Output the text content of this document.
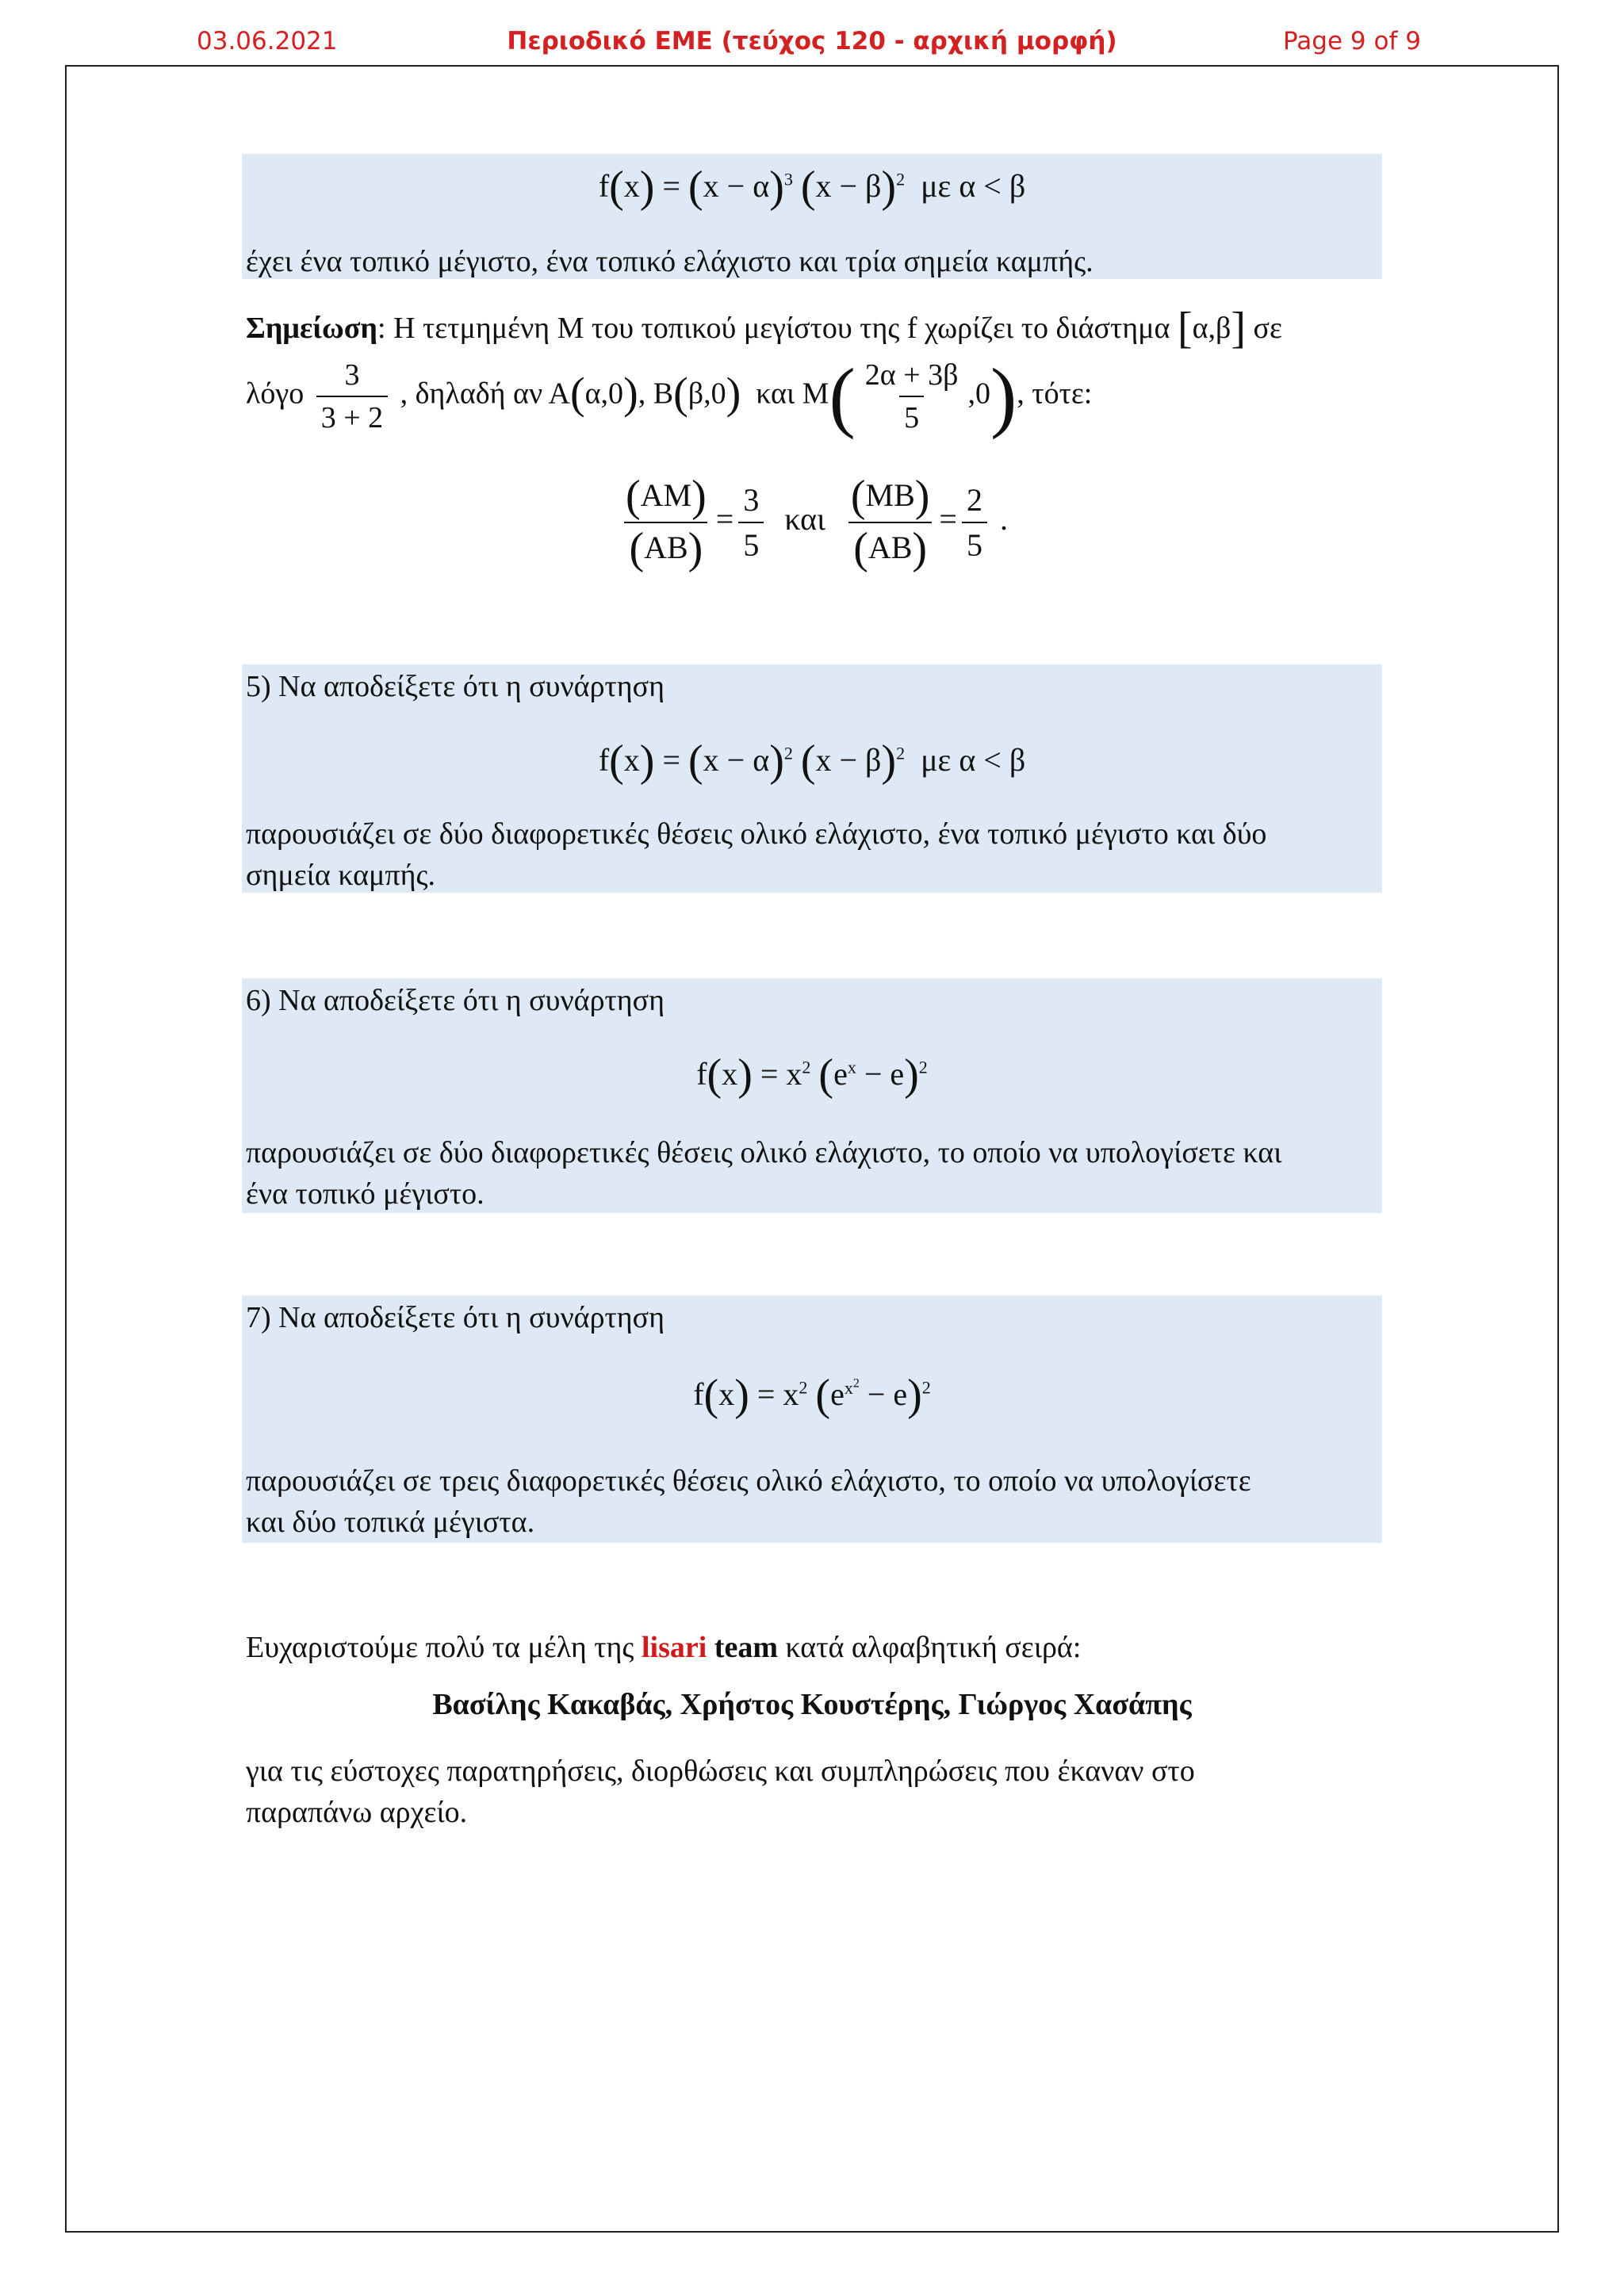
03.06.2021	Περιοδικό ΕΜΕ (τεύχος 120 - αρχική μορφή)	Page 9 of 9
$f(x) = (x - \alpha)^3$ $(x - \beta)^2$ με α < β
έχει ένα τοπικό μέγιστο, ένα τοπικό ελάχιστο και τρία σημεία καμπής.
Σημείωση: Η τετμημένη Μ του τοπικού μεγίστου της f χωρίζει το διάστημα [α,β] σε
λόγο $\frac{3}{3 + 2}$ , δηλαδή αν Α(α,0), Β(β,0) και $M( \frac{2\alpha + 3\beta}{5} ,0)$, τότε:
$\frac{(AM)}{(AB)} = \frac{3}{5}$ και $\frac{(MB)}{(AB)} = \frac{2}{5}$ .
5) Να αποδείξετε ότι η συνάρτηση
$f(x) = (x - \alpha)^2$ $(x - \beta)^2$ με α < β
παρουσιάζει σε δύο διαφορετικές θέσεις ολικό ελάχιστο, ένα τοπικό μέγιστο και δύο
σημεία καμπής.
6) Να αποδείξετε ότι η συνάρτηση
$f(x) = x^2$ $(e^x - e)^2$
παρουσιάζει σε δύο διαφορετικές θέσεις ολικό ελάχιστο, το οποίο να υπολογίσετε και
ένα τοπικό μέγιστο.
7) Να αποδείξετε ότι η συνάρτηση
$f(x) = x^2$ $(e^{x^2} - e)^2$
παρουσιάζει σε τρεις διαφορετικές θέσεις ολικό ελάχιστο, το οποίο να υπολογίσετε
και δύο τοπικά μέγιστα.
Ευχαριστούμε πολύ τα μέλη της lisari team κατά αλφαβητική σειρά:
Βασίλης Κακαβάς, Χρήστος Κουστέρης, Γιώργος Χασάπης
για τις εύστοχες παρατηρήσεις, διορθώσεις και συμπληρώσεις που έκαναν στο
παραπάνω αρχείο.
